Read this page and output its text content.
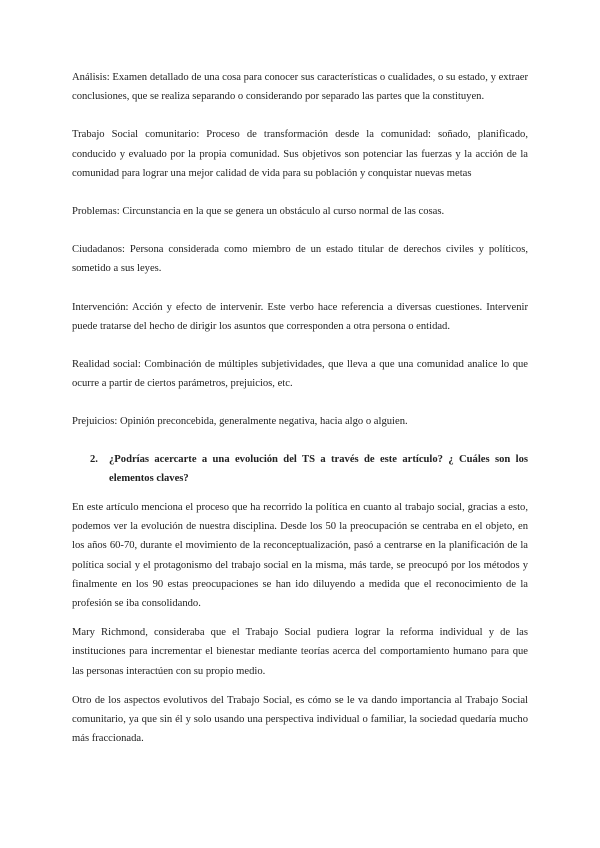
Análisis: Examen detallado de una cosa para conocer sus características o cualidades, o su estado, y extraer conclusiones, que se realiza separando o considerando por separado las partes que la constituyen.

Trabajo Social comunitario: Proceso de transformación desde la comunidad: soñado, planificado, conducido y evaluado por la propia comunidad. Sus objetivos son potenciar las fuerzas y la acción de la comunidad para lograr una mejor calidad de vida para su población y conquistar nuevas metas

Problemas: Circunstancia en la que se genera un obstáculo al curso normal de las cosas.

Ciudadanos: Persona considerada como miembro de un estado titular de derechos civiles y políticos, sometido a sus leyes.

Intervención: Acción y efecto de intervenir. Este verbo hace referencia a diversas cuestiones. Intervenir puede tratarse del hecho de dirigir los asuntos que corresponden a otra persona o entidad.

Realidad social: Combinación de múltiples subjetividades, que lleva a que una comunidad analice lo que ocurre a partir de ciertos parámetros, prejuicios, etc.

Prejuicios: Opinión preconcebida, generalmente negativa, hacia algo o alguien.

2.	¿Podrías acercarte a una evolución del TS a través de este artículo? ¿ Cuáles son los elementos claves?

En este artículo menciona el proceso que ha recorrido la política en cuanto al trabajo social, gracias a esto, podemos ver la evolución de nuestra disciplina. Desde los 50 la preocupación se centraba en el objeto, en los años 60-70, durante el movimiento de la reconceptualización, pasó a centrarse en la planificación de la política social y el protagonismo del trabajo social en la misma, más tarde, se preocupó por los métodos y finalmente en los 90 estas preocupaciones se han ido diluyendo a medida que el reconocimiento de la profesión se iba consolidando.

Mary Richmond, consideraba que el Trabajo Social pudiera lograr la reforma individual y de las instituciones para incrementar el bienestar mediante teorías acerca del comportamiento humano para que las personas interactúen con su propio medio.

Otro de los aspectos evolutivos del Trabajo Social, es cómo se le va dando importancia al Trabajo Social comunitario, ya que sin él y solo usando una perspectiva individual o familiar, la sociedad quedaría mucho más fraccionada.
